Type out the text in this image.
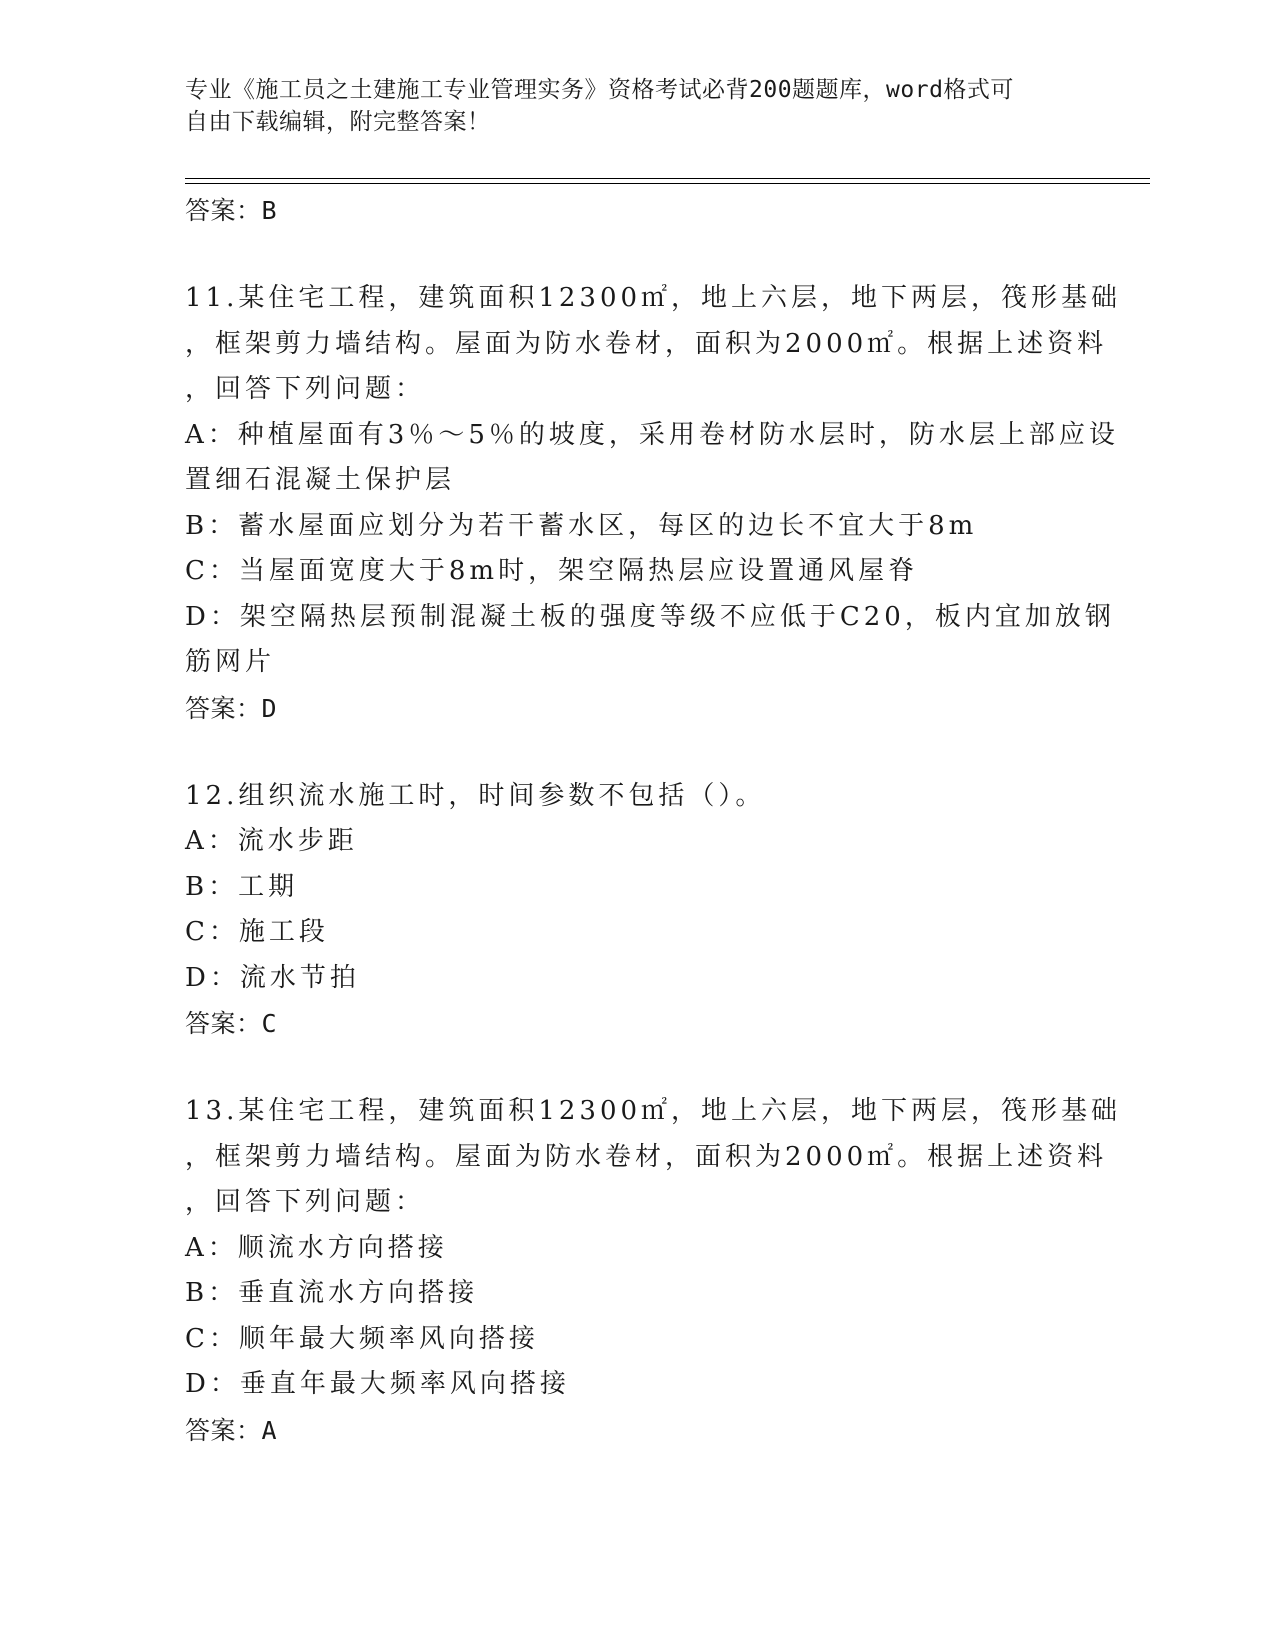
专业《施工员之土建施工专业管理实务》资格考试必背200题题库，word格式可
自由下载编辑，附完整答案！
答案：B
11.某住宅工程，建筑面积12300㎡，地上六层，地下两层，筏形基础
，框架剪力墙结构。屋面为防水卷材，面积为2000㎡。根据上述资料
，回答下列问题：
A：种植屋面有3％～5％的坡度，采用卷材防水层时，防水层上部应设
置细石混凝土保护层
B：蓄水屋面应划分为若干蓄水区，每区的边长不宜大于8m
C：当屋面宽度大于8m时，架空隔热层应设置通风屋脊
D：架空隔热层预制混凝土板的强度等级不应低于C20，板内宜加放钢
筋网片
答案：D
12.组织流水施工时，时间参数不包括（）。
A：流水步距
B：工期
C：施工段
D：流水节拍
答案：C
13.某住宅工程，建筑面积12300㎡，地上六层，地下两层，筏形基础
，框架剪力墙结构。屋面为防水卷材，面积为2000㎡。根据上述资料
，回答下列问题：
A：顺流水方向搭接
B：垂直流水方向搭接
C：顺年最大频率风向搭接
D：垂直年最大频率风向搭接
答案：A
